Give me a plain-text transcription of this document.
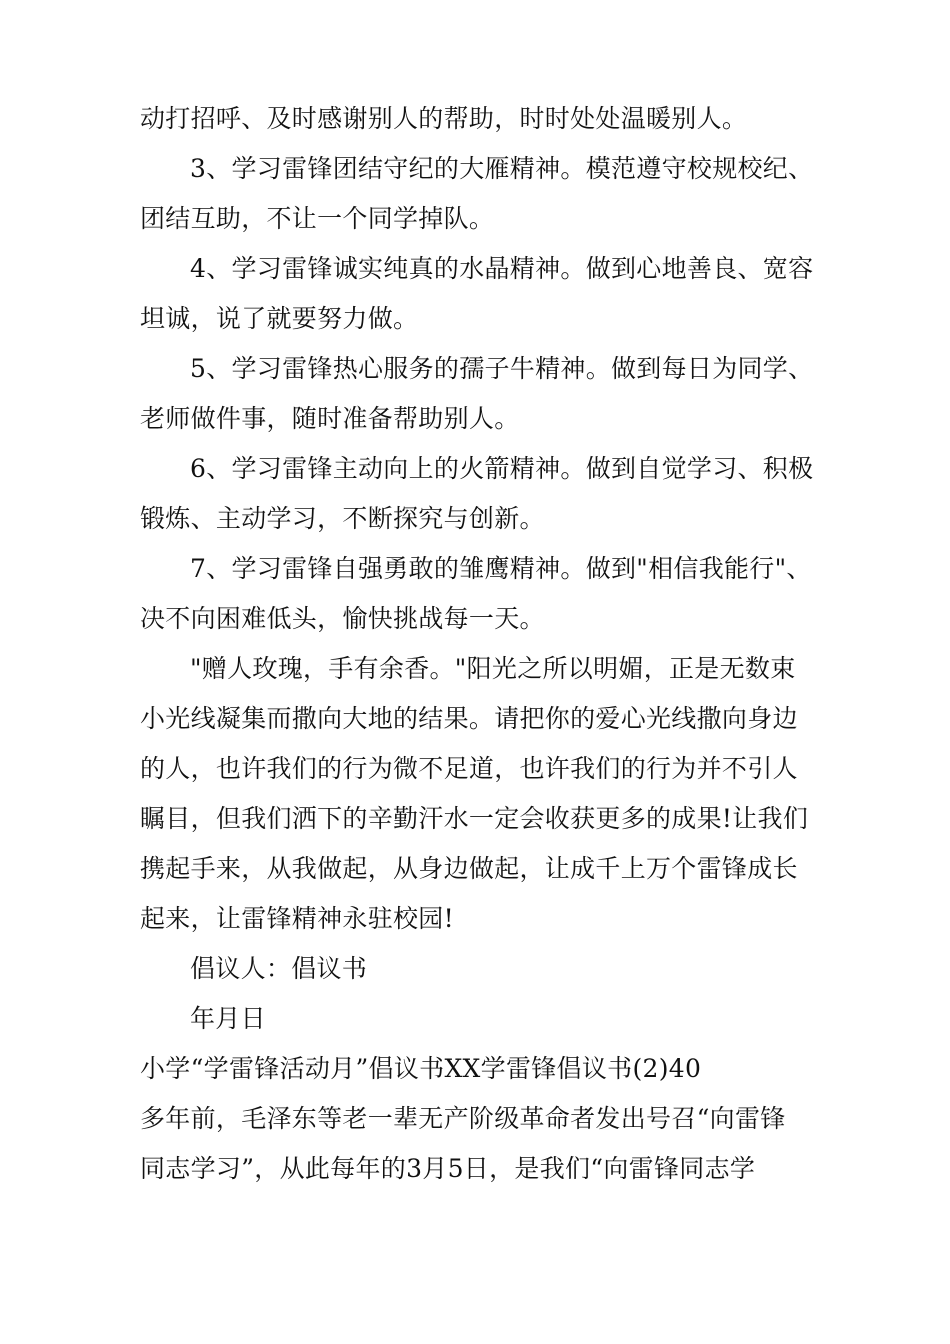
动打招呼、及时感谢别人的帮助，时时处处温暖别人。
3、学习雷锋团结守纪的大雁精神。模范遵守校规校纪、
团结互助，不让一个同学掉队。
4、学习雷锋诚实纯真的水晶精神。做到心地善良、宽容
坦诚，说了就要努力做。
5、学习雷锋热心服务的孺子牛精神。做到每日为同学、
老师做件事，随时准备帮助别人。
6、学习雷锋主动向上的火箭精神。做到自觉学习、积极
锻炼、主动学习，不断探究与创新。
7、学习雷锋自强勇敢的雏鹰精神。做到"相信我能行"、
决不向困难低头，愉快挑战每一天。
"赠人玫瑰，手有余香。"阳光之所以明媚，正是无数束
小光线凝集而撒向大地的结果。请把你的爱心光线撒向身边
的人，也许我们的行为微不足道，也许我们的行为并不引人
瞩目，但我们洒下的辛勤汗水一定会收获更多的成果!让我们
携起手来，从我做起，从身边做起，让成千上万个雷锋成长
起来，让雷锋精神永驻校园!
倡议人：倡议书
年月日
小学“学雷锋活动月”倡议书XX学雷锋倡议书(2)40
多年前，毛泽东等老一辈无产阶级革命者发出号召“向雷锋
同志学习”，从此每年的3月5日，是我们“向雷锋同志学
